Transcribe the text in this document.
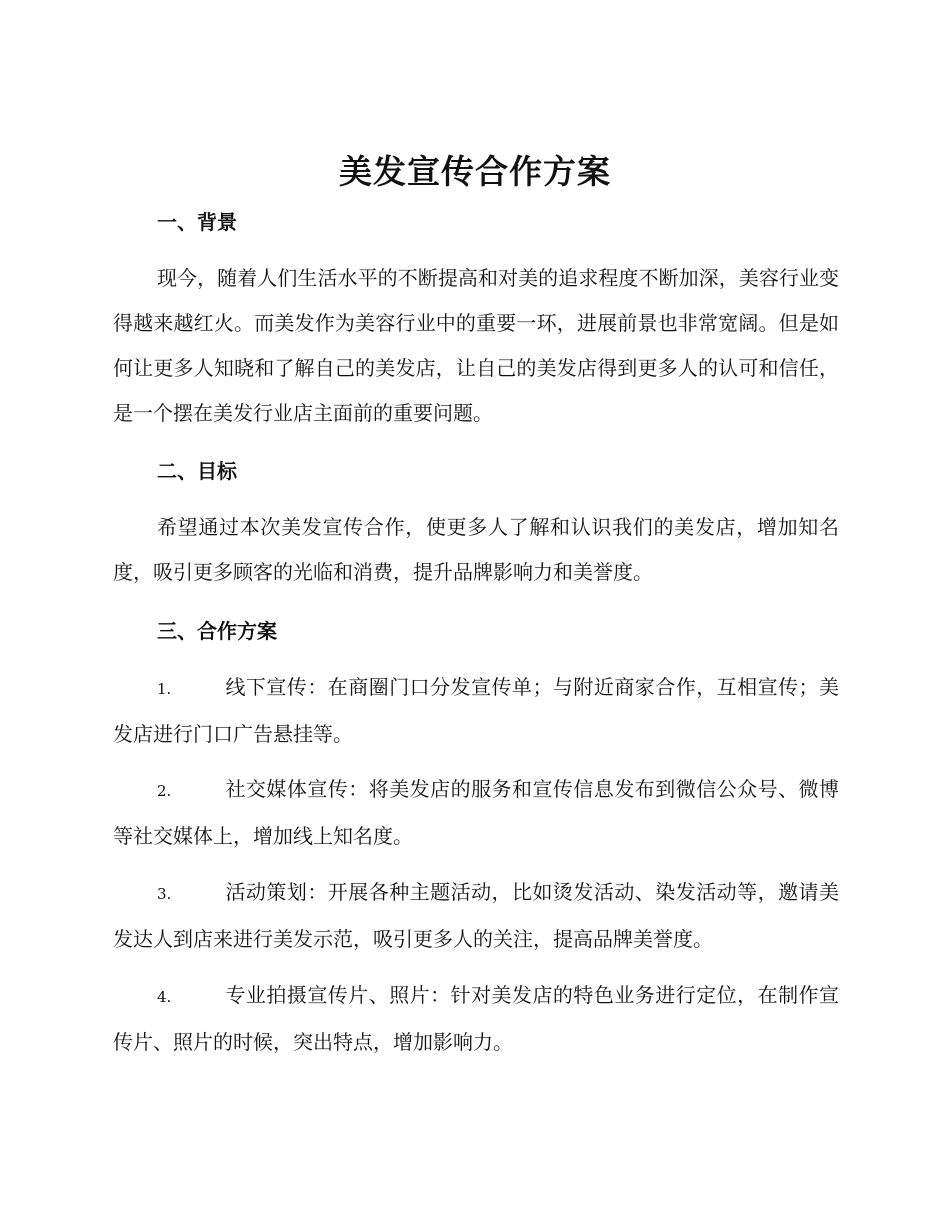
美发宣传合作方案
一、背景
现今，随着人们生活水平的不断提高和对美的追求程度不断加深，美容行业变得越来越红火。而美发作为美容行业中的重要一环，进展前景也非常宽阔。但是如何让更多人知晓和了解自己的美发店，让自己的美发店得到更多人的认可和信任，是一个摆在美发行业店主面前的重要问题。
二、目标
希望通过本次美发宣传合作，使更多人了解和认识我们的美发店，增加知名度，吸引更多顾客的光临和消费，提升品牌影响力和美誉度。
三、合作方案
1.	线下宣传：在商圈门口分发宣传单；与附近商家合作，互相宣传；美发店进行门口广告悬挂等。
2.	社交媒体宣传：将美发店的服务和宣传信息发布到微信公众号、微博等社交媒体上，增加线上知名度。
3.	活动策划：开展各种主题活动，比如烫发活动、染发活动等，邀请美发达人到店来进行美发示范，吸引更多人的关注，提高品牌美誉度。
4.	专业拍摄宣传片、照片：针对美发店的特色业务进行定位，在制作宣传片、照片的时候，突出特点，增加影响力。
